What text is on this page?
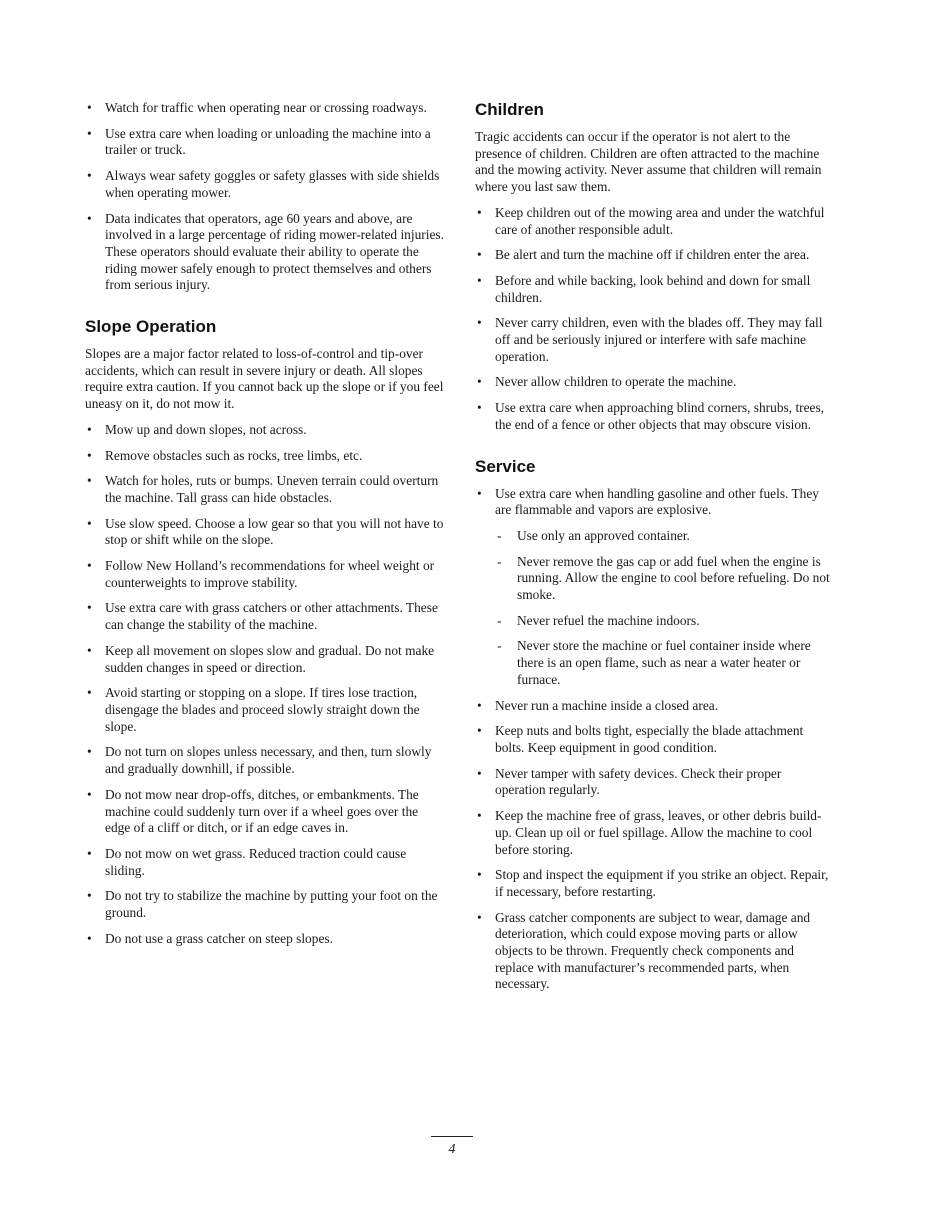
• Watch for traffic when operating near or crossing roadways.
• Use extra care when loading or unloading the machine into a trailer or truck.
• Always wear safety goggles or safety glasses with side shields when operating mower.
• Data indicates that operators, age 60 years and above, are involved in a large percentage of riding mower-related injuries. These operators should evaluate their ability to operate the riding mower safely enough to protect themselves and others from serious injury.
Slope Operation

Slopes are a major factor related to loss-of-control and tip-over accidents, which can result in severe injury or death. All slopes require extra caution. If you cannot back up the slope or if you feel uneasy on it, do not mow it.

• Mow up and down slopes, not across.
• Remove obstacles such as rocks, tree limbs, etc.
• Watch for holes, ruts or bumps. Uneven terrain could overturn the machine. Tall grass can hide obstacles.
• Use slow speed. Choose a low gear so that you will not have to stop or shift while on the slope.
• Follow New Holland’s recommendations for wheel weight or counterweights to improve stability.
• Use extra care with grass catchers or other attachments. These can change the stability of the machine.
• Keep all movement on slopes slow and gradual. Do not make sudden changes in speed or direction.
• Avoid starting or stopping on a slope. If tires lose traction, disengage the blades and proceed slowly straight down the slope.
• Do not turn on slopes unless necessary, and then, turn slowly and gradually downhill, if possible.
• Do not mow near drop-offs, ditches, or embankments. The machine could suddenly turn over if a wheel goes over the edge of a cliff or ditch, or if an edge caves in.
• Do not mow on wet grass. Reduced traction could cause sliding.
• Do not try to stabilize the machine by putting your foot on the ground.
• Do not use a grass catcher on steep slopes.
Children

Tragic accidents can occur if the operator is not alert to the presence of children. Children are often attracted to the machine and the mowing activity. Never assume that children will remain where you last saw them.

• Keep children out of the mowing area and under the watchful care of another responsible adult.
• Be alert and turn the machine off if children enter the area.
• Before and while backing, look behind and down for small children.
• Never carry children, even with the blades off. They may fall off and be seriously injured or interfere with safe machine operation.
• Never allow children to operate the machine.
• Use extra care when approaching blind corners, shrubs, trees, the end of a fence or other objects that may obscure vision.
Service
• Use extra care when handling gasoline and other fuels. They are flammable and vapors are explosive.
- Use only an approved container.
- Never remove the gas cap or add fuel when the engine is running. Allow the engine to cool before refueling. Do not smoke.
- Never refuel the machine indoors.
- Never store the machine or fuel container inside where there is an open flame, such as near a water heater or furnace.
• Never run a machine inside a closed area.
• Keep nuts and bolts tight, especially the blade attachment bolts. Keep equipment in good condition.
• Never tamper with safety devices. Check their proper operation regularly.
• Keep the machine free of grass, leaves, or other debris build-up. Clean up oil or fuel spillage. Allow the machine to cool before storing.
• Stop and inspect the equipment if you strike an object. Repair, if necessary, before restarting.
• Grass catcher components are subject to wear, damage and deterioration, which could expose moving parts or allow objects to be thrown. Frequently check components and replace with manufacturer’s recommended parts, when necessary.
4
